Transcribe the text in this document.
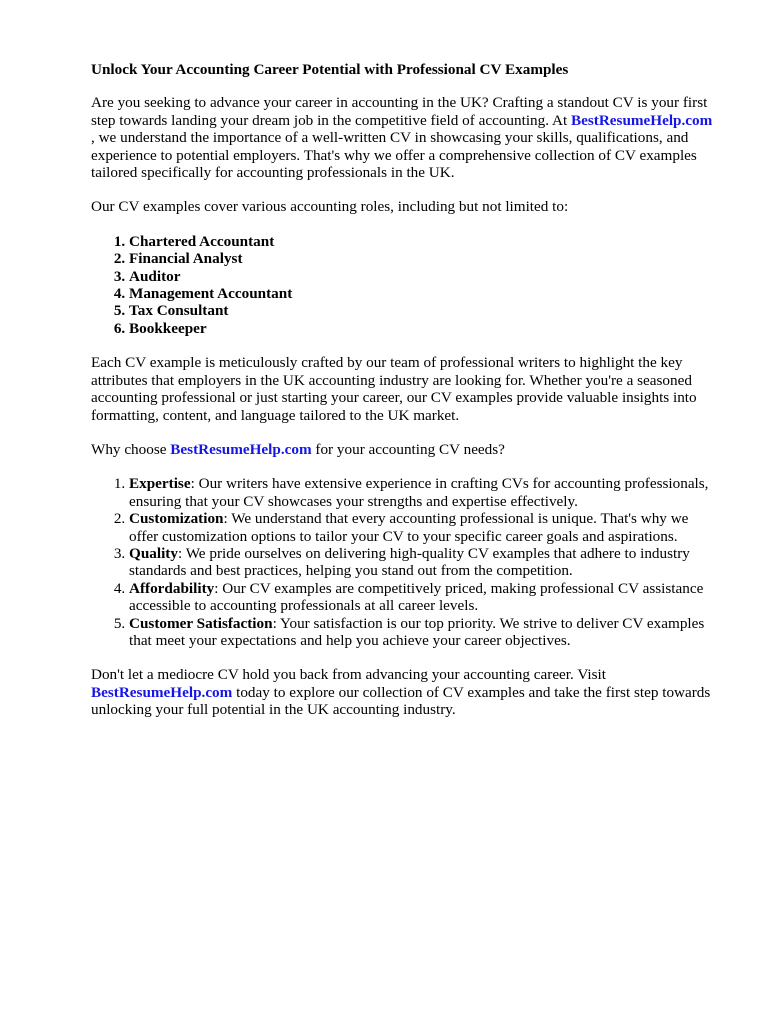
Unlock Your Accounting Career Potential with Professional CV Examples

Are you seeking to advance your career in accounting in the UK? Crafting a standout CV is your first step towards landing your dream job in the competitive field of accounting. At BestResumeHelp.com , we understand the importance of a well-written CV in showcasing your skills, qualifications, and experience to potential employers. That's why we offer a comprehensive collection of CV examples tailored specifically for accounting professionals in the UK.

Our CV examples cover various accounting roles, including but not limited to:

1. Chartered Accountant
2. Financial Analyst
3. Auditor
4. Management Accountant
5. Tax Consultant
6. Bookkeeper

Each CV example is meticulously crafted by our team of professional writers to highlight the key attributes that employers in the UK accounting industry are looking for. Whether you're a seasoned accounting professional or just starting your career, our CV examples provide valuable insights into formatting, content, and language tailored to the UK market.

Why choose BestResumeHelp.com for your accounting CV needs?

1. Expertise: Our writers have extensive experience in crafting CVs for accounting professionals, ensuring that your CV showcases your strengths and expertise effectively.
2. Customization: We understand that every accounting professional is unique. That's why we offer customization options to tailor your CV to your specific career goals and aspirations.
3. Quality: We pride ourselves on delivering high-quality CV examples that adhere to industry standards and best practices, helping you stand out from the competition.
4. Affordability: Our CV examples are competitively priced, making professional CV assistance accessible to accounting professionals at all career levels.
5. Customer Satisfaction: Your satisfaction is our top priority. We strive to deliver CV examples that meet your expectations and help you achieve your career objectives.

Don't let a mediocre CV hold you back from advancing your accounting career. Visit BestResumeHelp.com today to explore our collection of CV examples and take the first step towards unlocking your full potential in the UK accounting industry.
